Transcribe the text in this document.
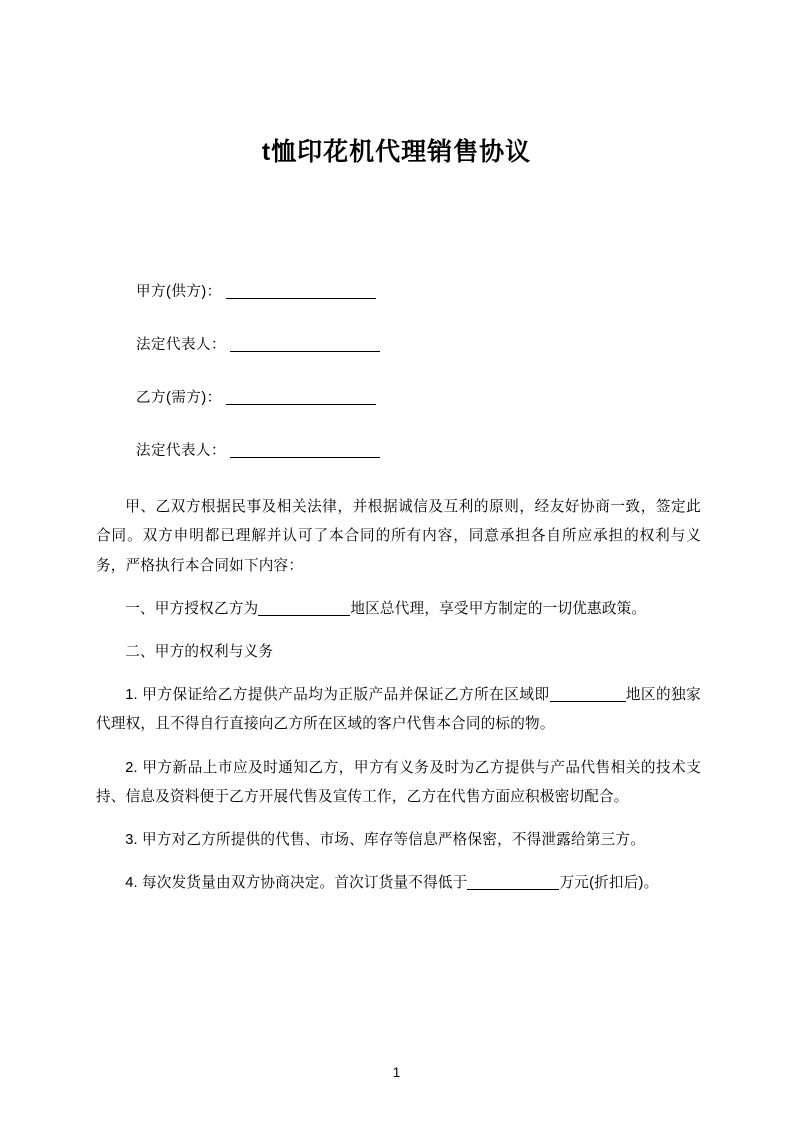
t恤印花机代理销售协议
甲方(供方)：
法定代表人：
乙方(需方)：
法定代表人：

甲、乙双方根据民事及相关法律，并根据诚信及互利的原则，经友好协商一致，签定此合同。双方申明都已理解并认可了本合同的所有内容，同意承担各自所应承担的权利与义务，严格执行本合同如下内容：

一、甲方授权乙方为	地区总代理，享受甲方制定的一切优惠政策。

二、甲方的权利与义务

1. 甲方保证给乙方提供产品均为正版产品并保证乙方所在区域即	地区的独家代理权，且不得自行直接向乙方所在区域的客户代售本合同的标的物。

2. 甲方新品上市应及时通知乙方，甲方有义务及时为乙方提供与产品代售相关的技术支持、信息及资料便于乙方开展代售及宣传工作，乙方在代售方面应积极密切配合。

3. 甲方对乙方所提供的代售、市场、库存等信息严格保密，不得泄露给第三方。

4. 每次发货量由双方协商决定。首次订货量不得低于	万元(折扣后)。

1
